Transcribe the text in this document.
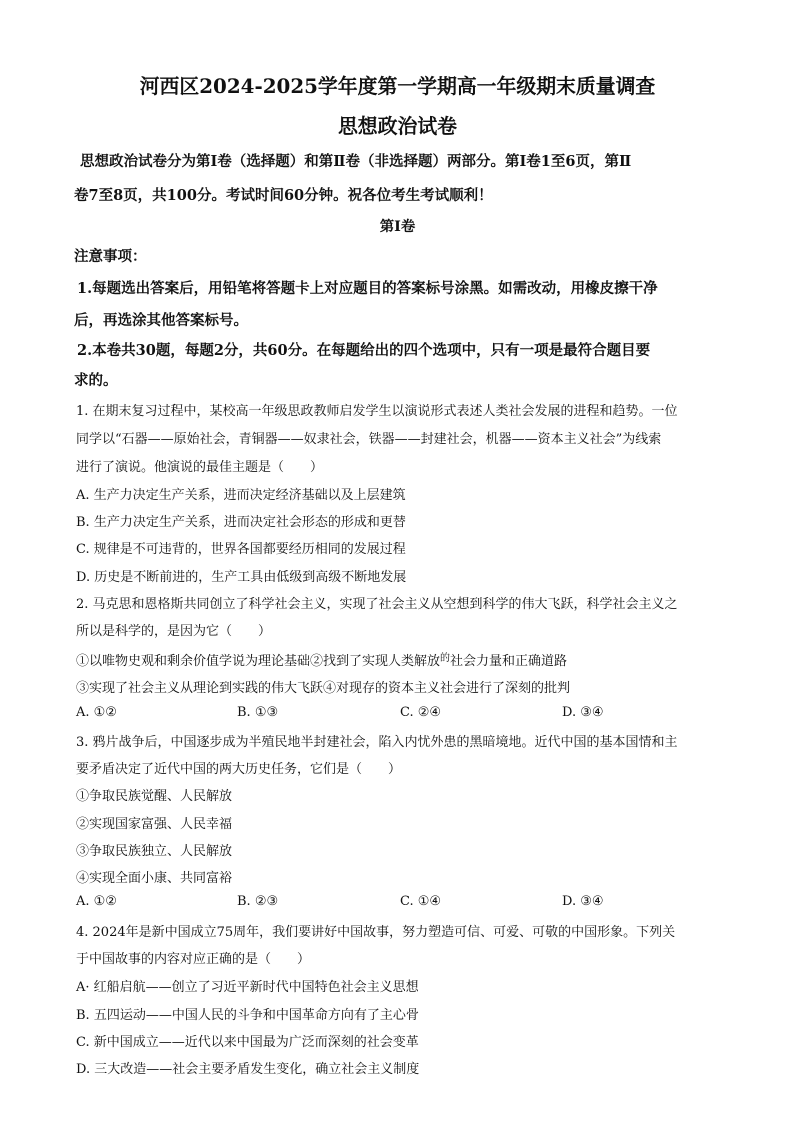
河西区2024-2025学年度第一学期高一年级期末质量调查
思想政治试卷
思想政治试卷分为第Ⅰ卷（选择题）和第Ⅱ卷（非选择题）两部分。第Ⅰ卷1至6页，第Ⅱ
卷7至8页，共100分。考试时间60分钟。祝各位考生考试顺利！
第Ⅰ卷
注意事项：
1.每题选出答案后，用铅笔将答题卡上对应题目的答案标号涂黑。如需改动，用橡皮擦干净
后，再选涂其他答案标号。
2.本卷共30题，每题2分，共60分。在每题给出的四个选项中，只有一项是最符合题目要
求的。
1. 在期末复习过程中，某校高一年级思政教师启发学生以演说形式表述人类社会发展的进程和趋势。一位
同学以“石器——原始社会，青铜器——奴隶社会，铁器——封建社会，机器——资本主义社会”为线索
进行了演说。他演说的最佳主题是（　　）
A. 生产力决定生产关系，进而决定经济基础以及上层建筑
B. 生产力决定生产关系，进而决定社会形态的形成和更替
C. 规律是不可违背的，世界各国都要经历相同的发展过程
D. 历史是不断前进的，生产工具由低级到高级不断地发展
2. 马克思和恩格斯共同创立了科学社会主义，实现了社会主义从空想到科学的伟大飞跃，科学社会主义之
所以是科学的，是因为它（　　）
①以唯物史观和剩余价值学说为理论基础②找到了实现人类解放$^的$社会力量和正确道路
③实现了社会主义从理论到实践的伟大飞跃④对现存的资本主义社会进行了深刻的批判
A. ①②	B. ①③	C. ②④	D. ③④
3. 鸦片战争后，中国逐步成为半殖民地半封建社会，陷入内忧外患的黑暗境地。近代中国的基本国情和主
要矛盾决定了近代中国的两大历史任务，它们是（　　）
①争取民族觉醒、人民解放
②实现国家富强、人民幸福
③争取民族独立、人民解放
④实现全面小康、共同富裕
A. ①②	B. ②③	C. ①④	D. ③④
4. 2024年是新中国成立75周年，我们要讲好中国故事，努力塑造可信、可爱、可敬的中国形象。下列关
于中国故事的内容对应正确的是（　　）
A· 红船启航——创立了习近平新时代中国特色社会主义思想
B. 五四运动——中国人民的斗争和中国革命方向有了主心骨
C. 新中国成立——近代以来中国最为广泛而深刻的社会变革
D. 三大改造——社会主要矛盾发生变化，确立社会主义制度
